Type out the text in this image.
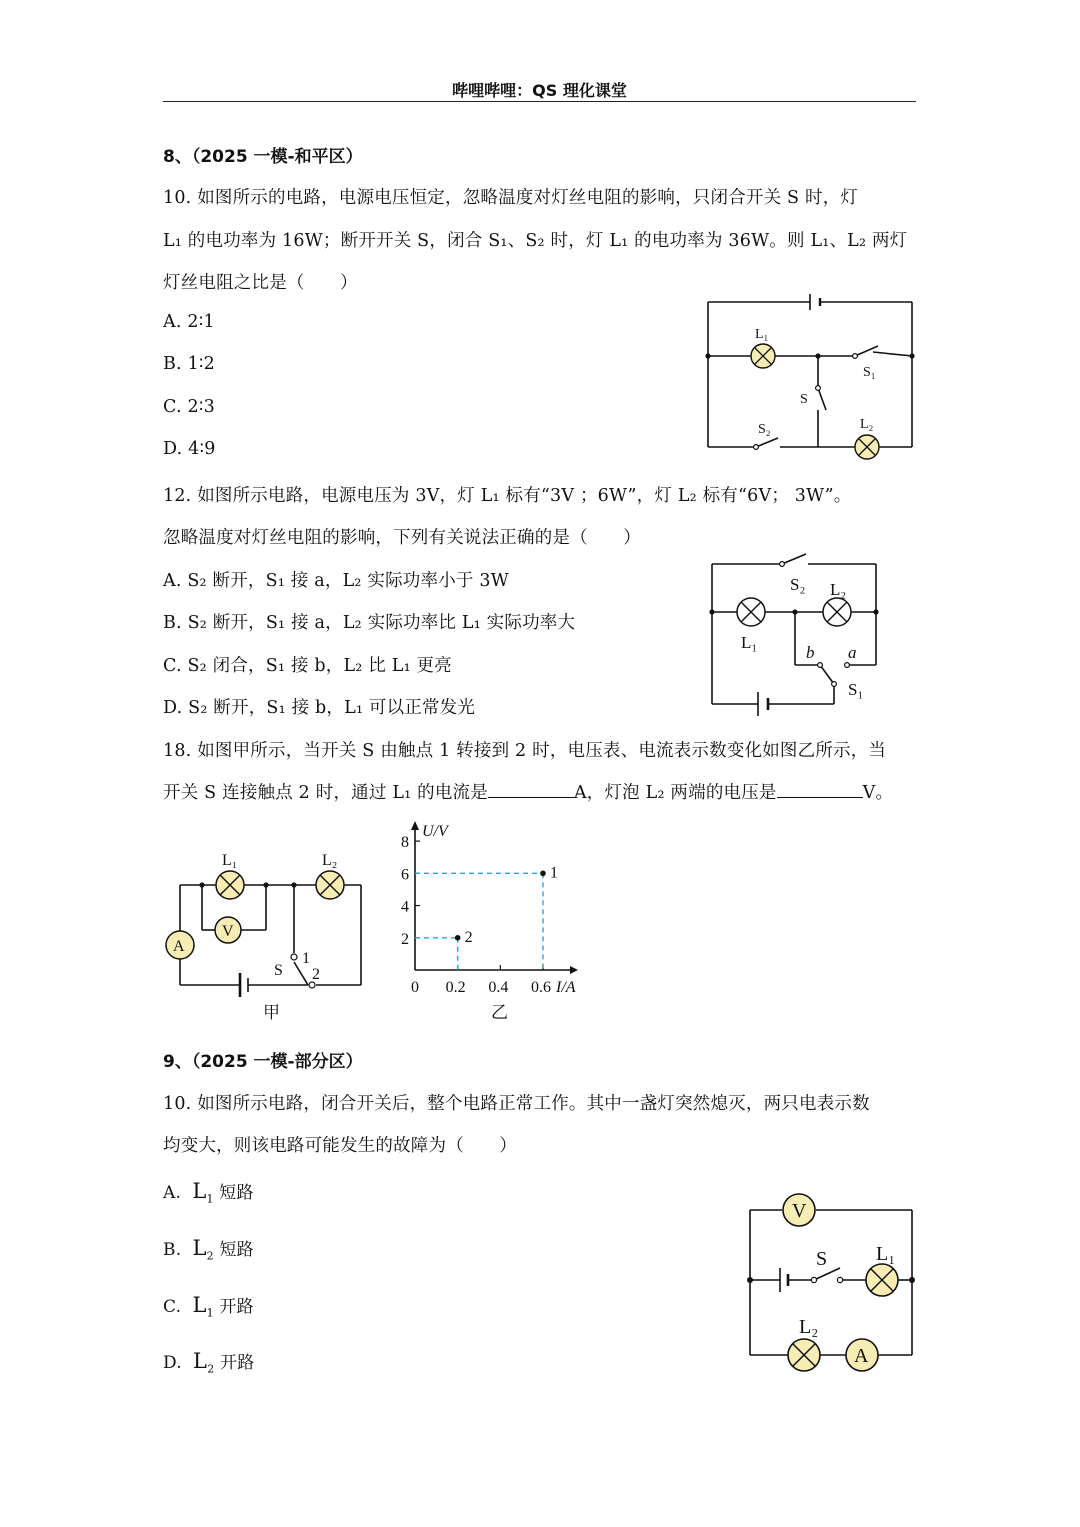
哔哩哔哩：QS 理化课堂
8、（2025 一模-和平区）
10. 如图所示的电路，电源电压恒定，忽略温度对灯丝电阻的影响，只闭合开关 S 时，灯
L₁ 的电功率为 16W；断开开关 S，闭合 S₁、S₂ 时，灯 L₁ 的电功率为 36W。则 L₁、L₂ 两灯
灯丝电阻之比是（　　）
A. 2∶1
B. 1∶2
C. 2∶3
D. 4∶9
L₁
S₁
S
S₂	L₂
12. 如图所示电路，电源电压为 3V，灯 L₁ 标有“3V ；6W”，灯 L₂ 标有“6V； 3W”。
忽略温度对灯丝电阻的影响，下列有关说法正确的是（　　）
A. S₂ 断开，S₁ 接 a，L₂ 实际功率小于 3W
B. S₂ 断开，S₁ 接 a，L₂ 实际功率比 L₁ 实际功率大
C. S₂ 闭合，S₁ 接 b，L₂ 比 L₁ 更亮
D. S₂ 断开，S₁ 接 b，L₁ 可以正常发光
S₂ L₂
L₁
b a
S₁
18. 如图甲所示，当开关 S 由触点 1 转接到 2 时，电压表、电流表示数变化如图乙所示，当
开关 S 连接触点 2 时，通过 L₁ 的电流是	A，灯泡 L₂ 两端的电压是	V。
V
A
L₁	L₂
S
1
2
甲
1
2
2
4
6
8
0 0.2 0.4 0.6
U/V
I/A
乙
9、（2025 一模-部分区）
10. 如图所示电路，闭合开关后，整个电路正常工作。其中一盏灯突然熄灭，两只电表示数
均变大，则该电路可能发生的故障为（　　）
A. $L_1$ 短路
B. $L_2$ 短路
C. $L_1$ 开路
D. $L_2$ 开路
V
S L₁
L₂
A
